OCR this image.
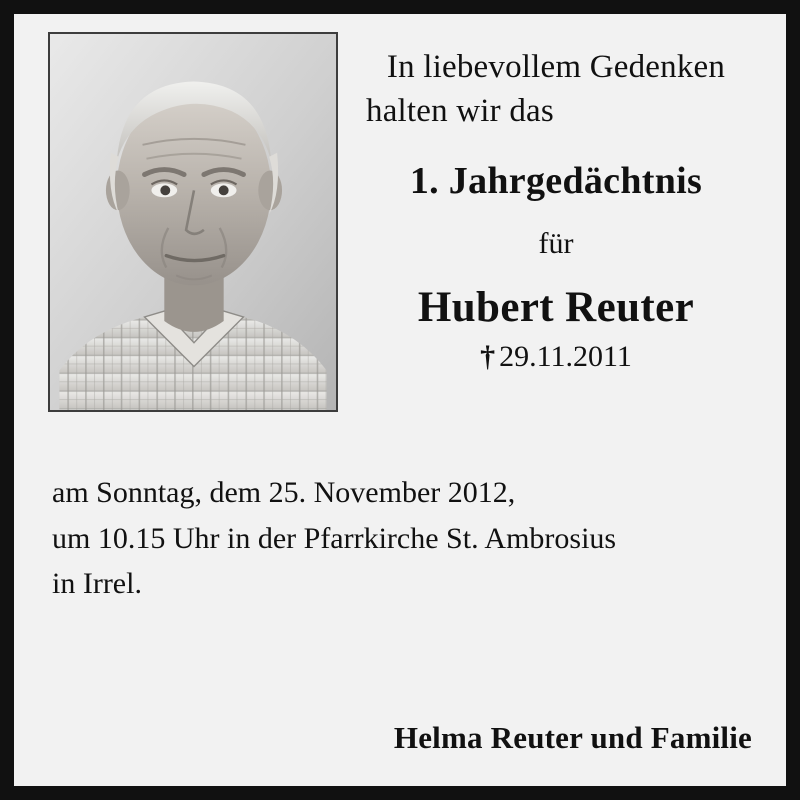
In liebevollem Gedenken
halten wir das
1. Jahrgedächtnis
für
Hubert Reuter
† 29.11.2011
am Sonntag, dem 25. November 2012,
um 10.15 Uhr in der Pfarrkirche St. Ambrosius
in Irrel.
Helma Reuter und Familie
